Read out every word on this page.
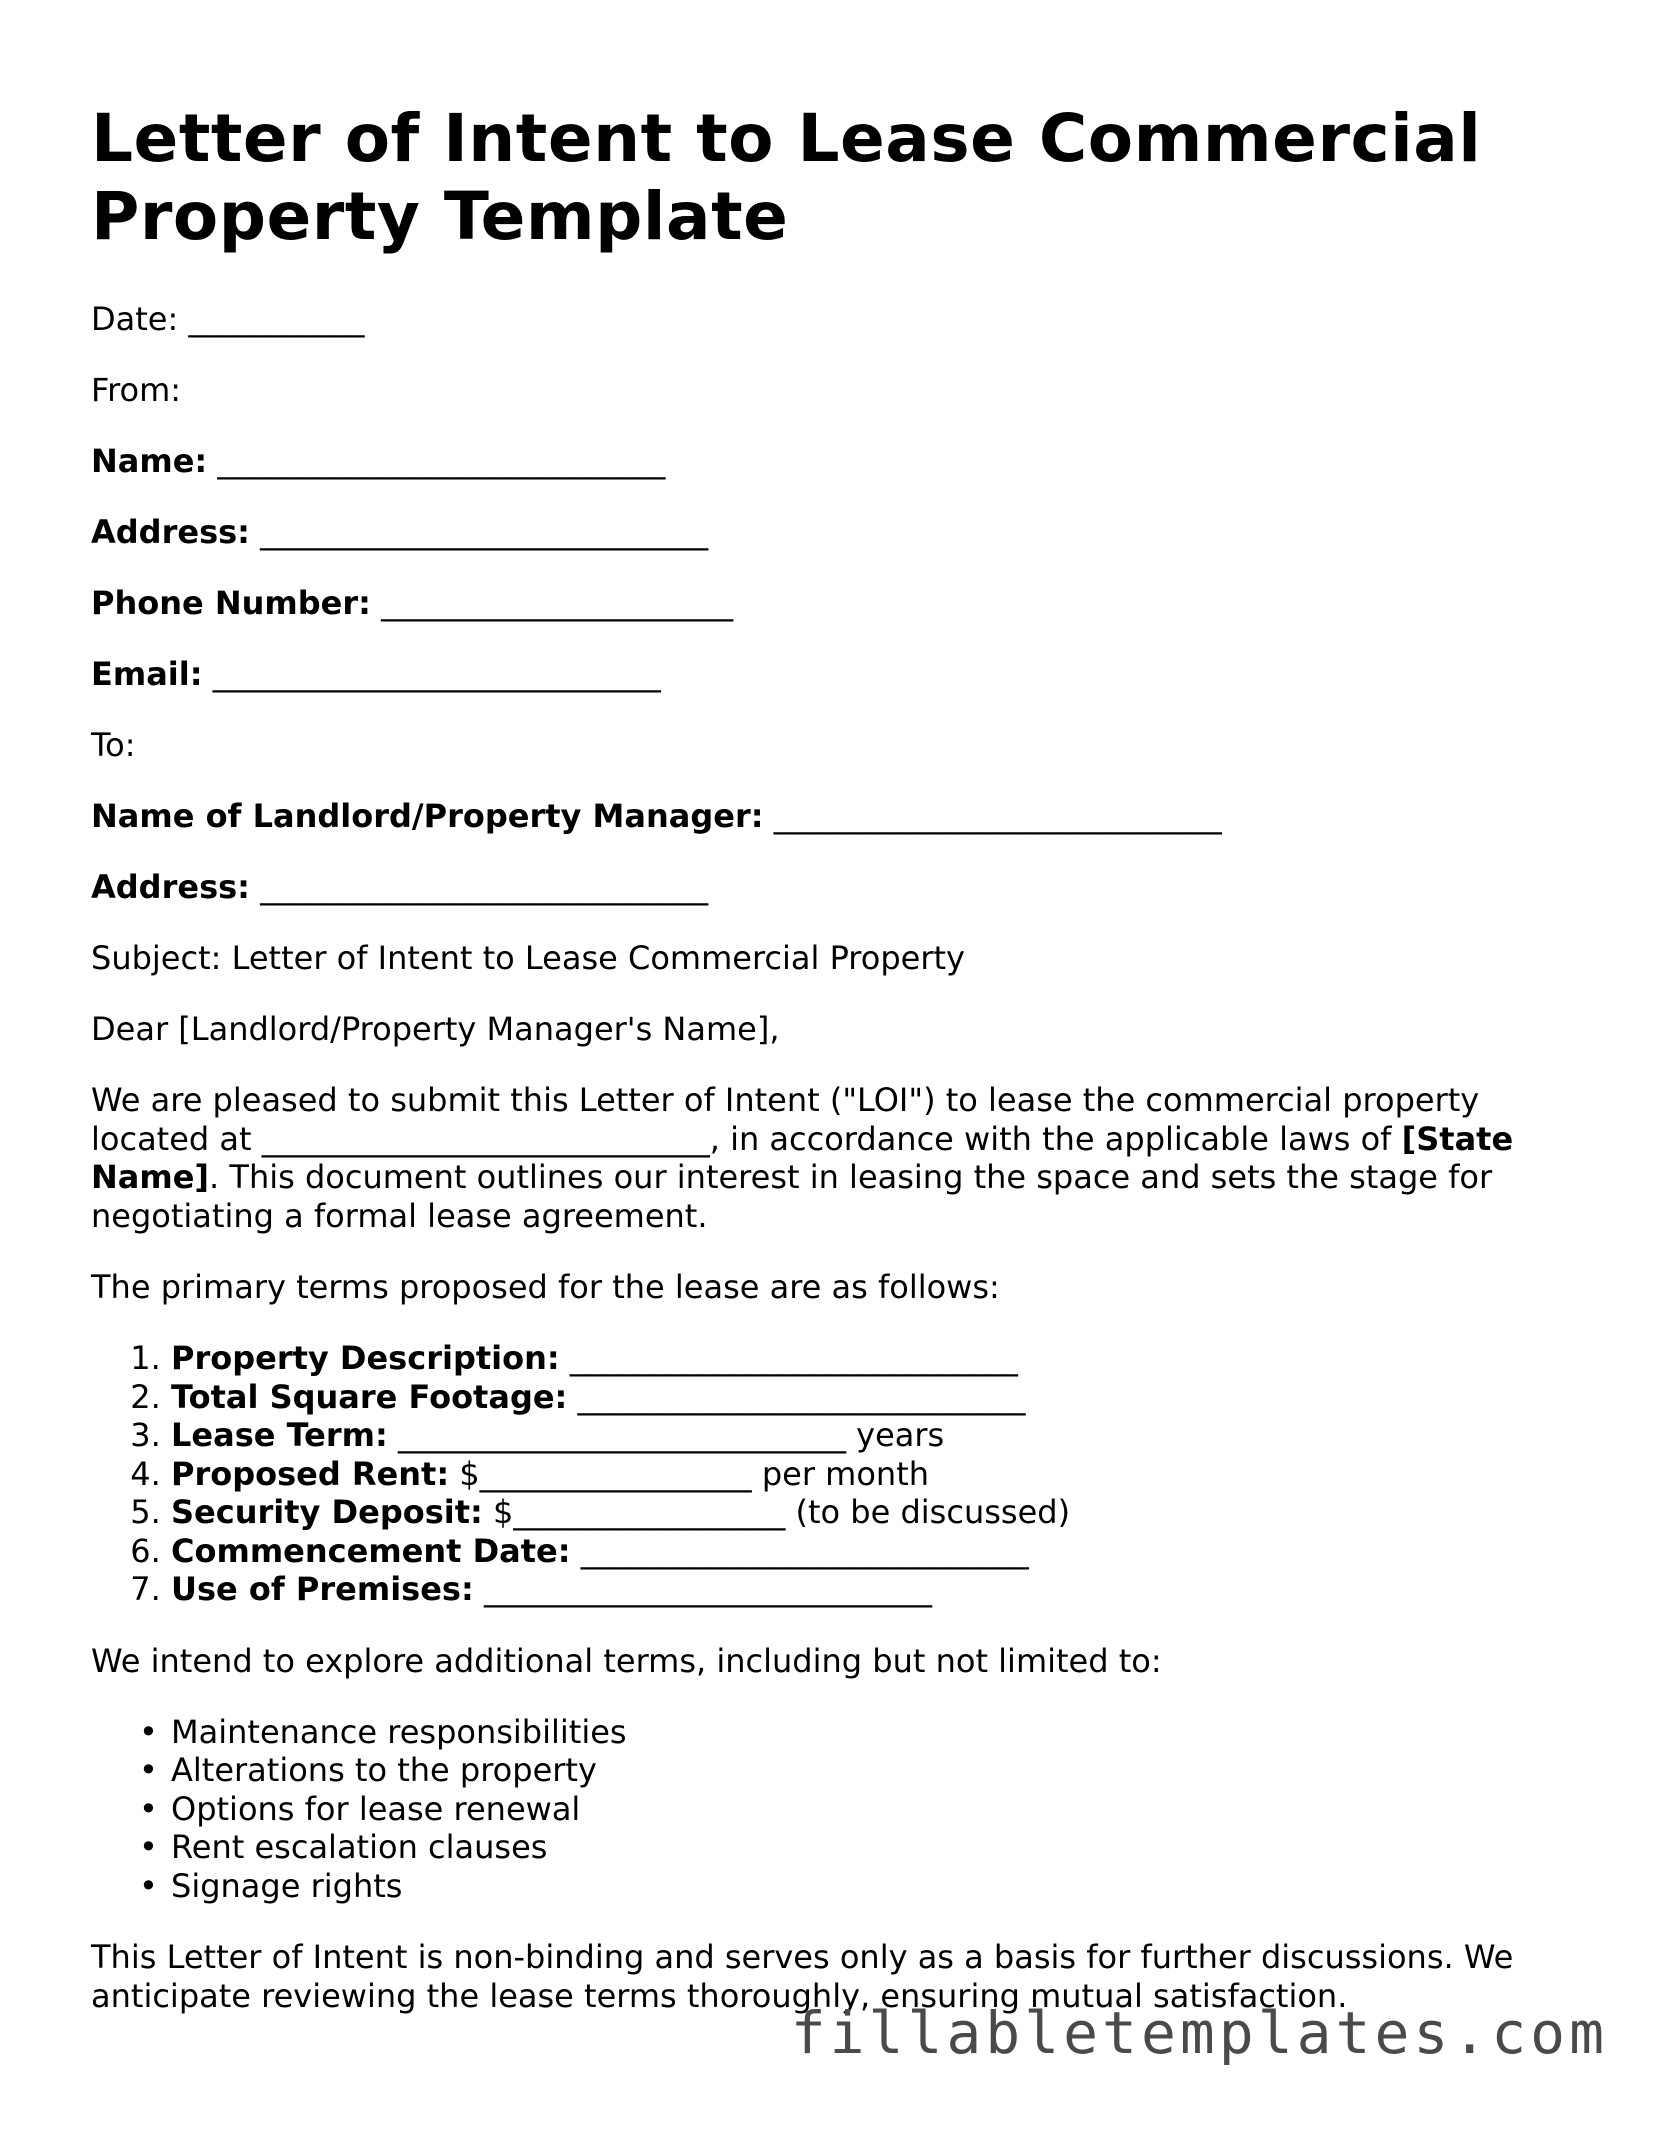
Letter of Intent to Lease Commercial Property Template

Date: ___________

From:

Name: ____________________________

Address: ____________________________

Phone Number: ______________________

Email: ____________________________

To:

Name of Landlord/Property Manager: ____________________________

Address: ____________________________

Subject: Letter of Intent to Lease Commercial Property

Dear [Landlord/Property Manager's Name],

We are pleased to submit this Letter of Intent ("LOI") to lease the commercial property located at ____________________________, in accordance with the applicable laws of [State Name]. This document outlines our interest in leasing the space and sets the stage for negotiating a formal lease agreement.

The primary terms proposed for the lease are as follows:

1. Property Description: ____________________________
2. Total Square Footage: ____________________________
3. Lease Term: ____________________________ years
4. Proposed Rent: $_________________ per month
5. Security Deposit: $_________________ (to be discussed)
6. Commencement Date: ____________________________
7. Use of Premises: ____________________________

We intend to explore additional terms, including but not limited to:

• Maintenance responsibilities
• Alterations to the property
• Options for lease renewal
• Rent escalation clauses
• Signage rights

This Letter of Intent is non-binding and serves only as a basis for further discussions. We anticipate reviewing the lease terms thoroughly, ensuring mutual satisfaction.

fillabletemplates.com
